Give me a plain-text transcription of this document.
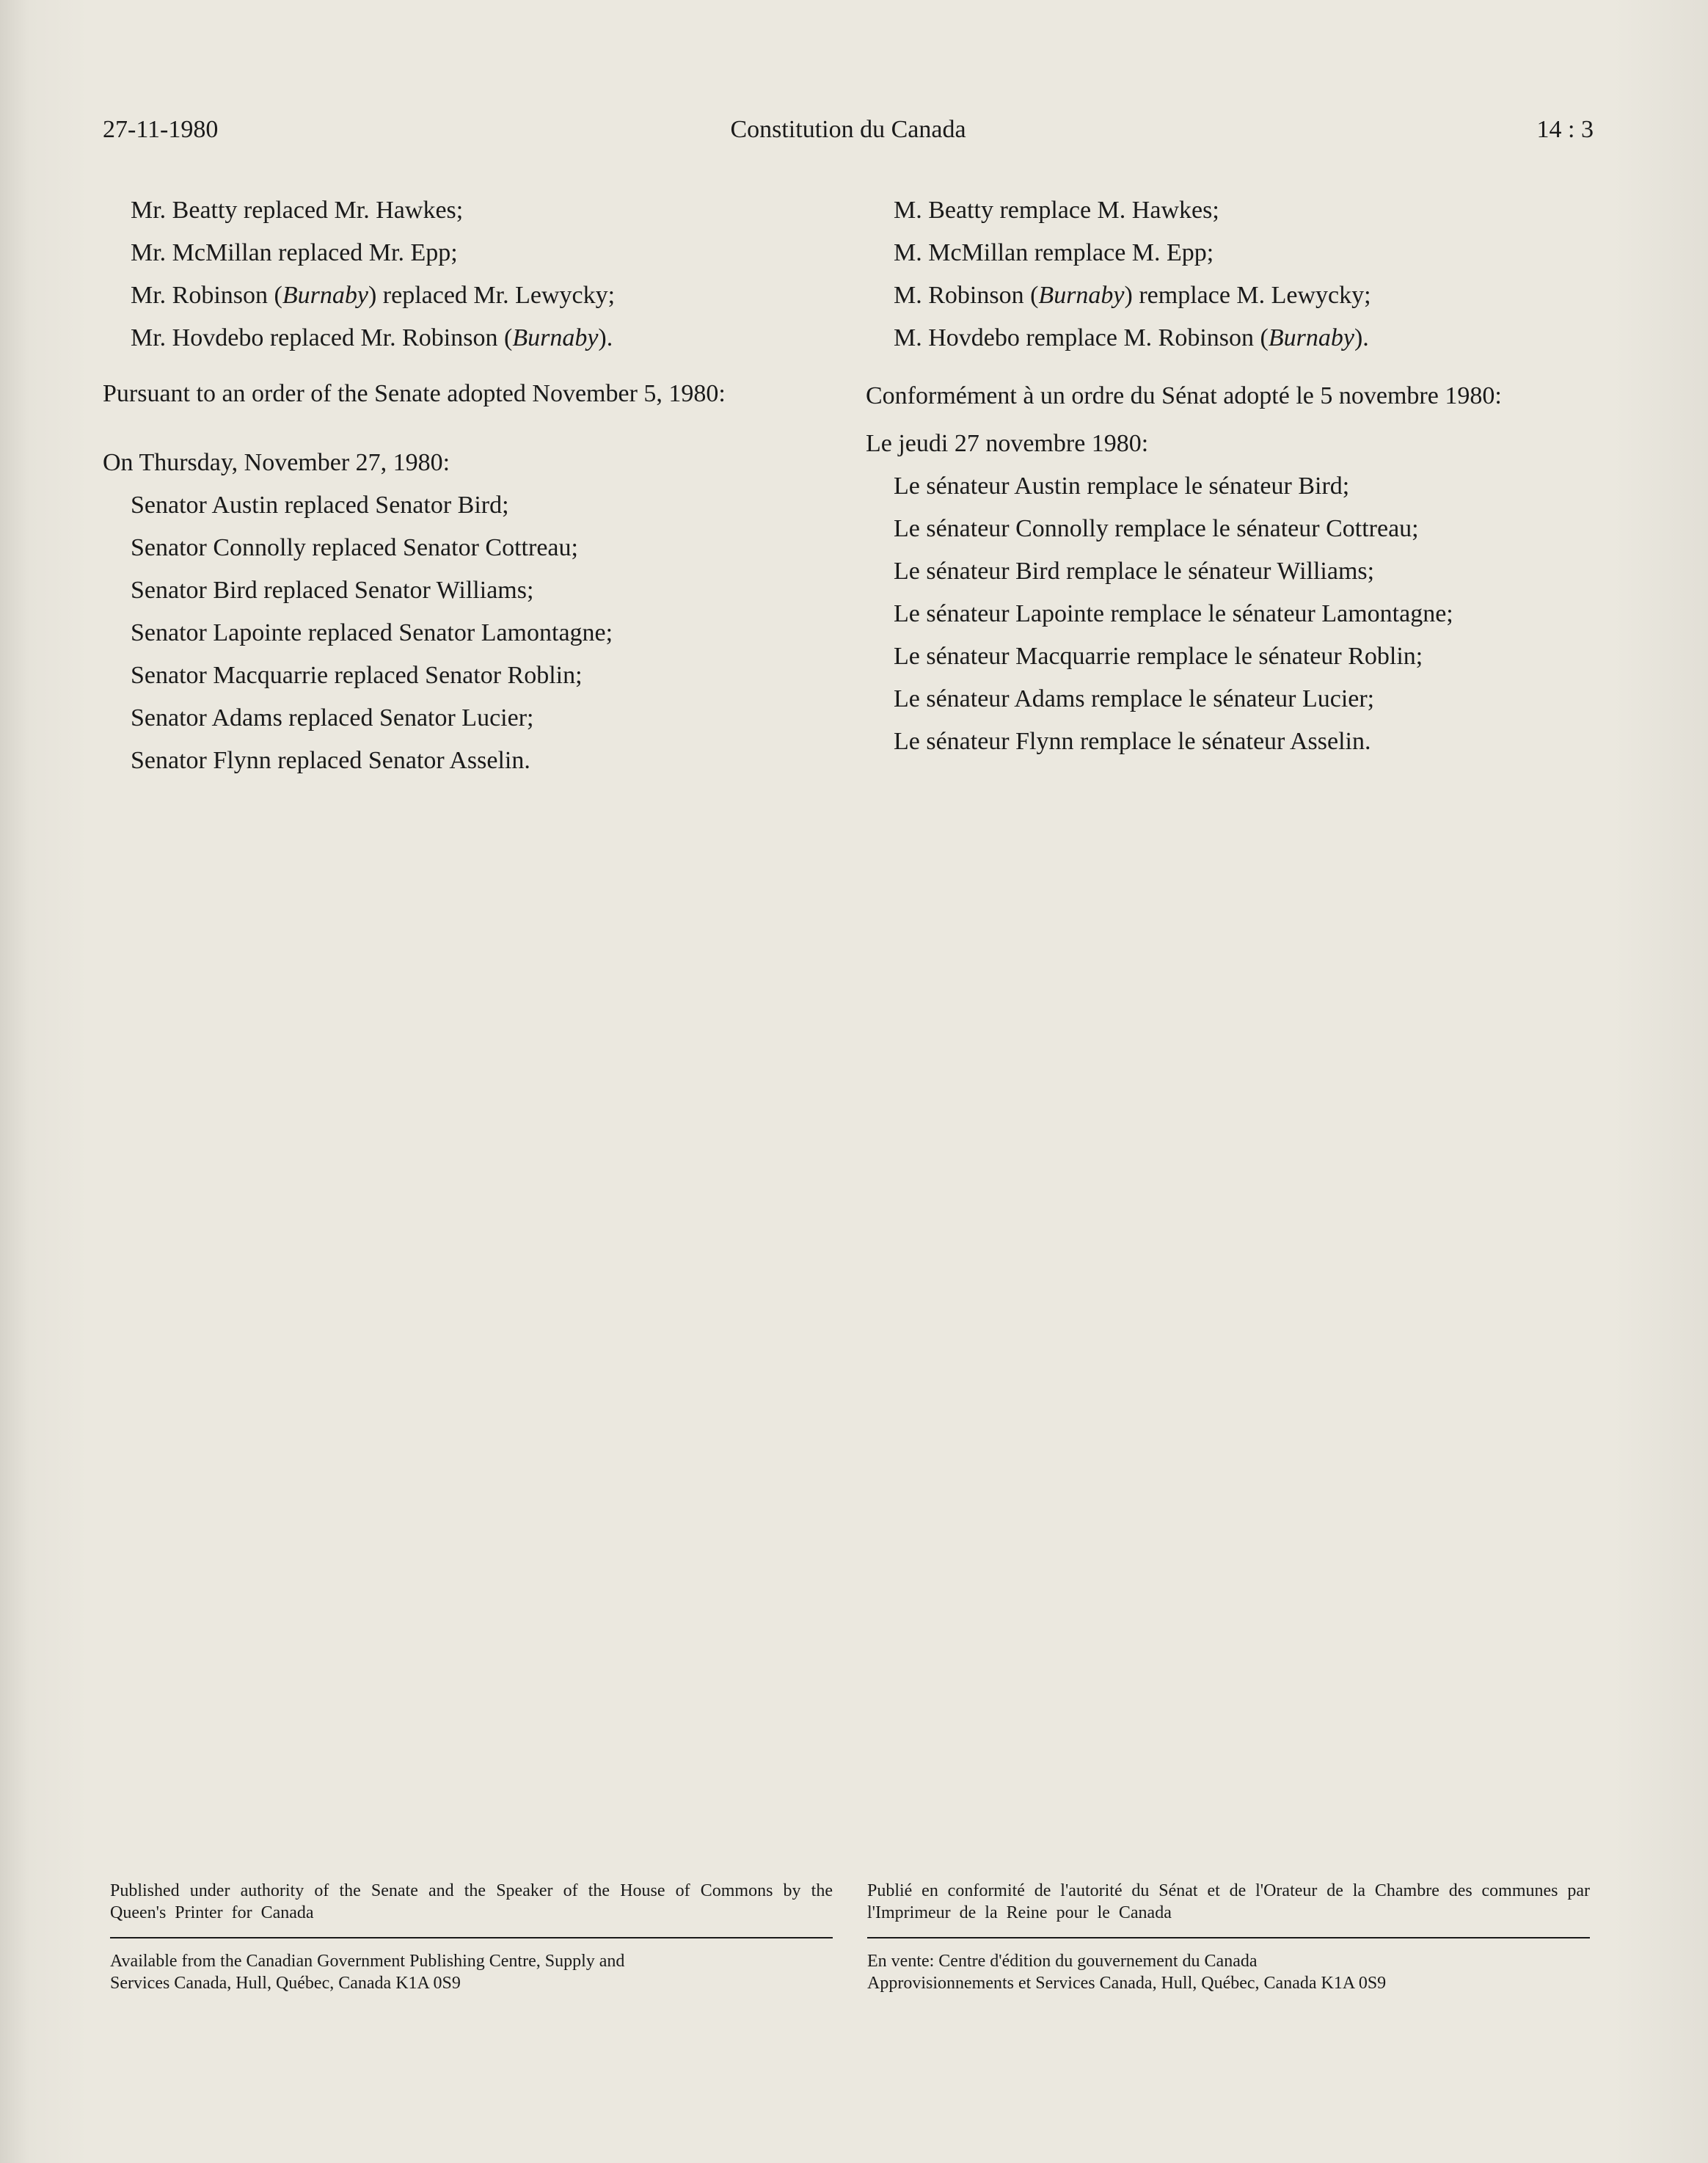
27-11-1980	Constitution du Canada	14 : 3
Mr. Beatty replaced Mr. Hawkes;
Mr. McMillan replaced Mr. Epp;
Mr. Robinson (Burnaby) replaced Mr. Lewycky;
Mr. Hovdebo replaced Mr. Robinson (Burnaby).
Pursuant to an order of the Senate adopted November 5, 1980:
On Thursday, November 27, 1980:
Senator Austin replaced Senator Bird;
Senator Connolly replaced Senator Cottreau;
Senator Bird replaced Senator Williams;
Senator Lapointe replaced Senator Lamontagne;
Senator Macquarrie replaced Senator Roblin;
Senator Adams replaced Senator Lucier;
Senator Flynn replaced Senator Asselin.
M. Beatty remplace M. Hawkes;
M. McMillan remplace M. Epp;
M. Robinson (Burnaby) remplace M. Lewycky;
M. Hovdebo remplace M. Robinson (Burnaby).
Conformément à un ordre du Sénat adopté le 5 novembre 1980:
Le jeudi 27 novembre 1980:
Le sénateur Austin remplace le sénateur Bird;
Le sénateur Connolly remplace le sénateur Cottreau;
Le sénateur Bird remplace le sénateur Williams;
Le sénateur Lapointe remplace le sénateur Lamontagne;
Le sénateur Macquarrie remplace le sénateur Roblin;
Le sénateur Adams remplace le sénateur Lucier;
Le sénateur Flynn remplace le sénateur Asselin.
Published under authority of the Senate and the Speaker of the House of Commons by the Queen's Printer for Canada
Available from the Canadian Government Publishing Centre, Supply and
Services Canada, Hull, Québec, Canada K1A 0S9
Publié en conformité de l'autorité du Sénat et de l'Orateur de la Chambre des communes par l'Imprimeur de la Reine pour le Canada
En vente: Centre d'édition du gouvernement du Canada
Approvisionnements et Services Canada, Hull, Québec, Canada K1A 0S9
